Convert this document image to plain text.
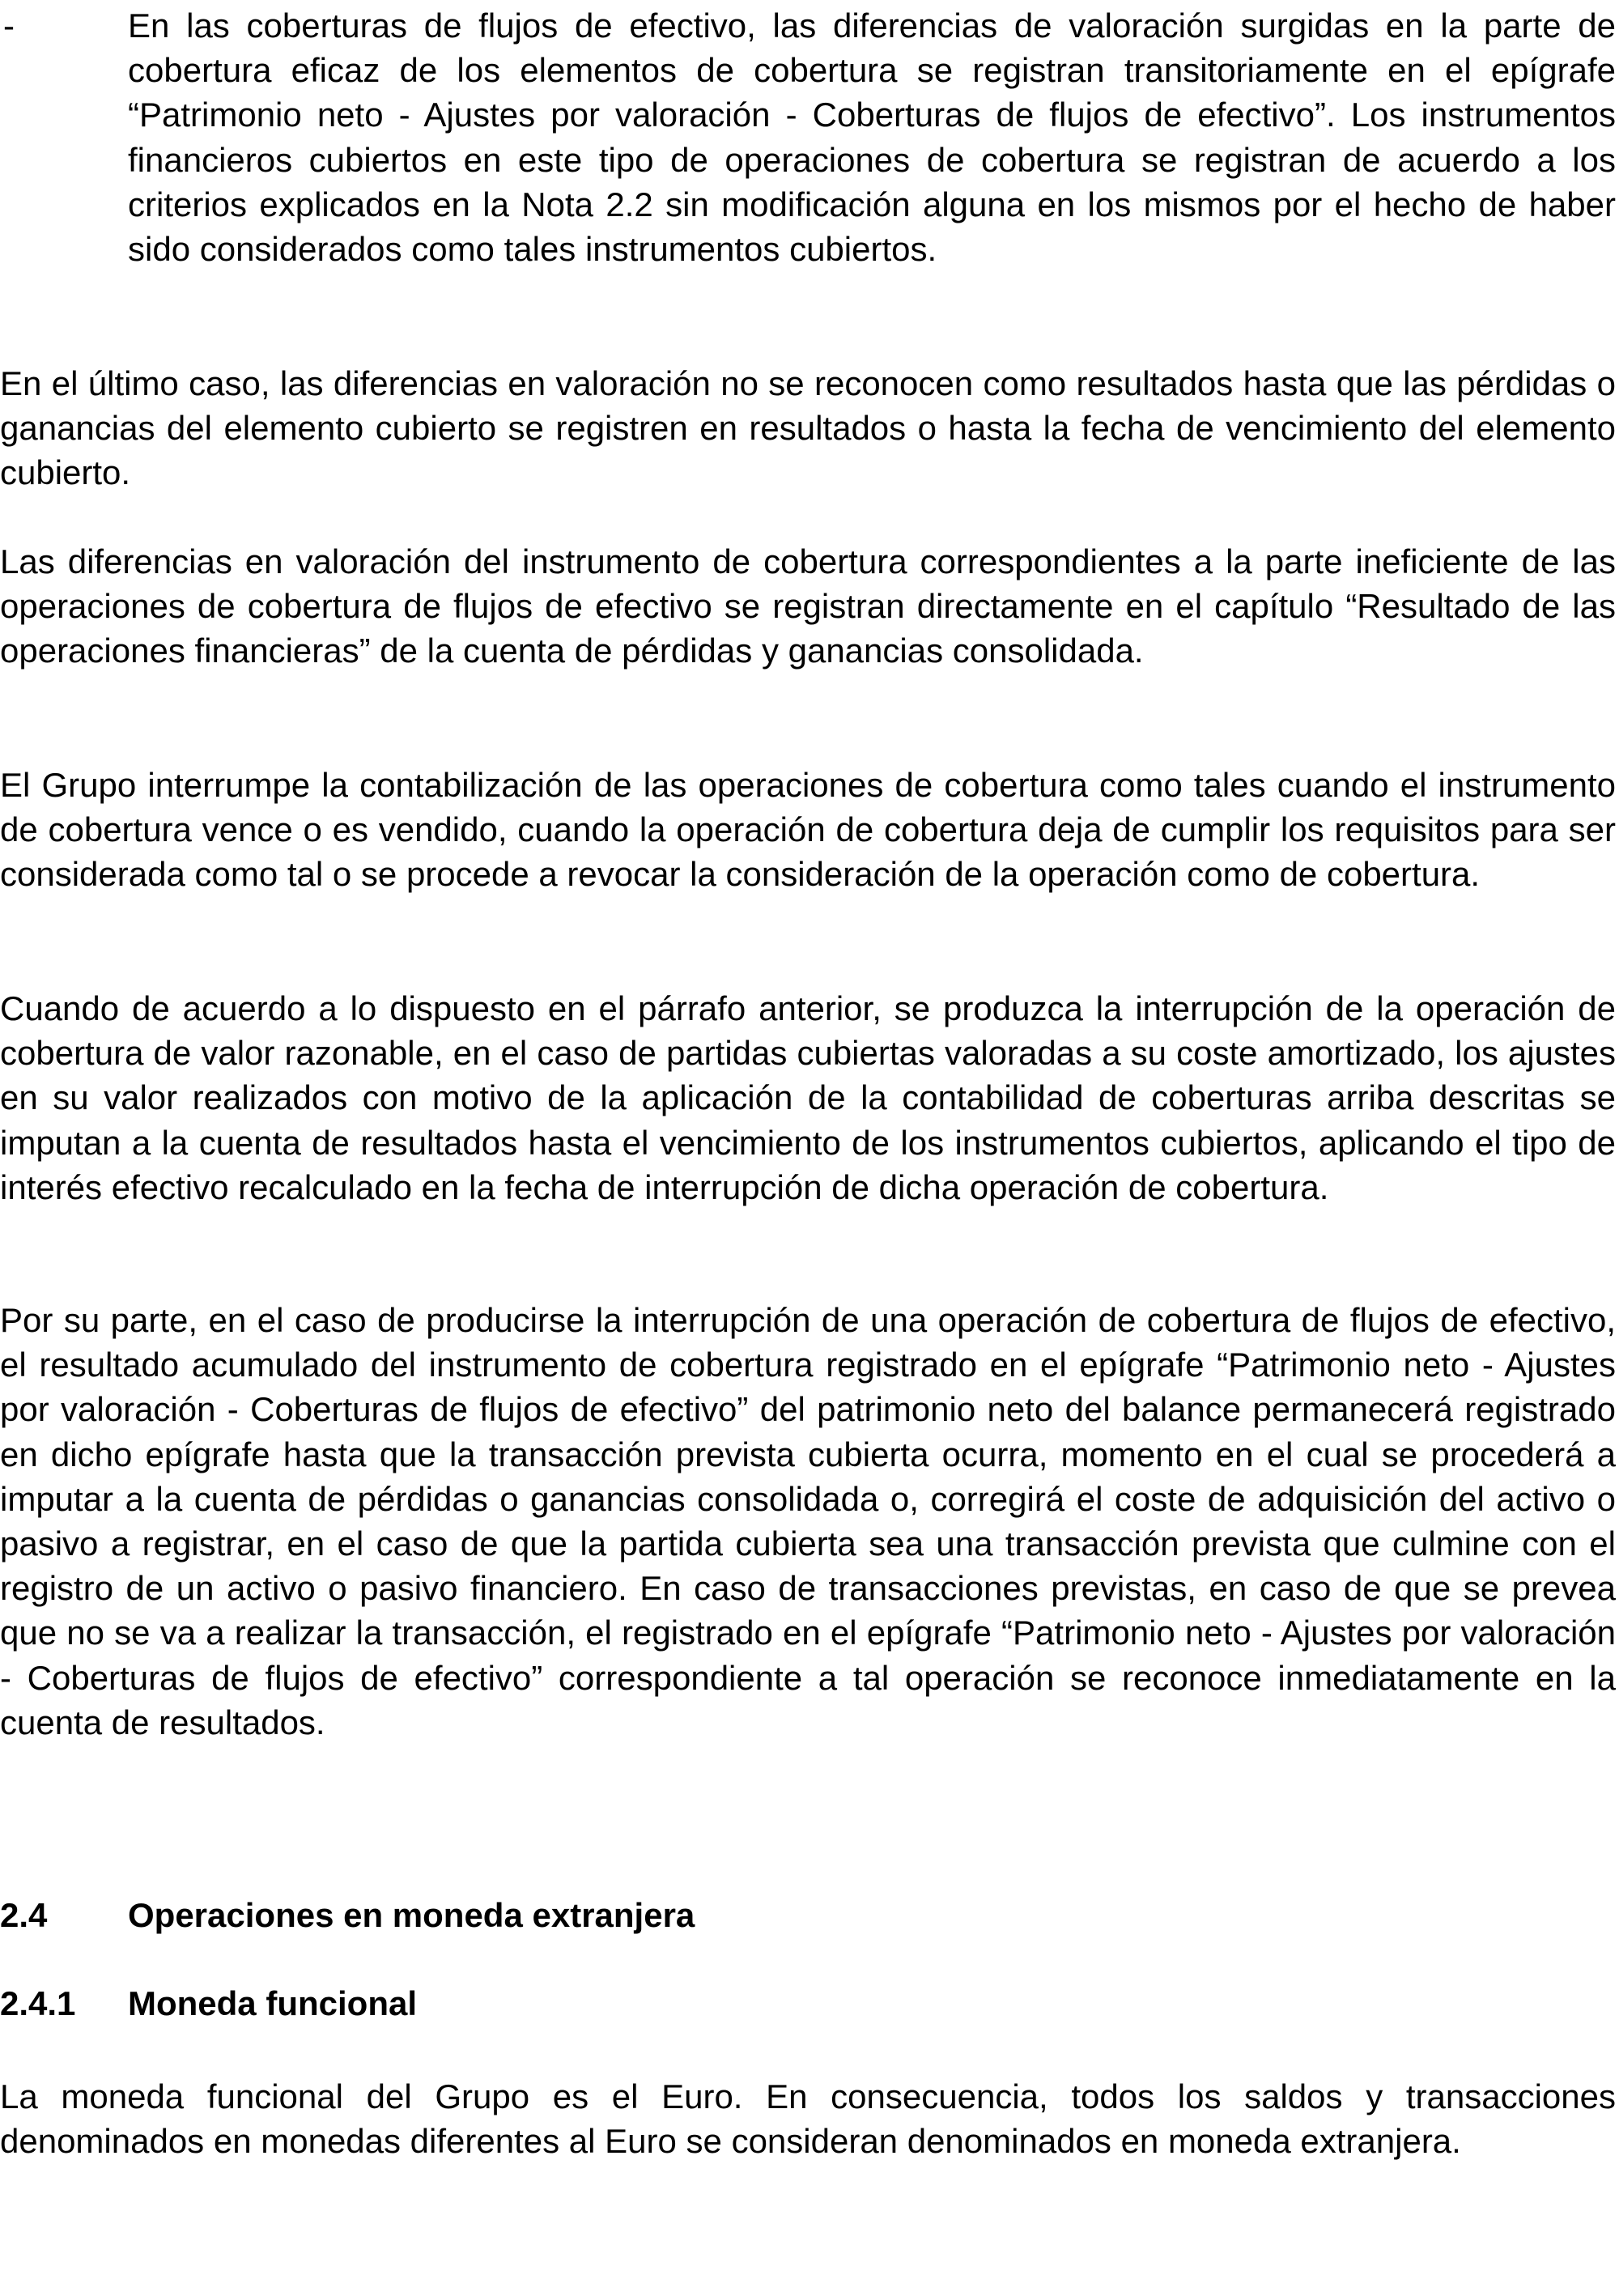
-	En las coberturas de flujos de efectivo, las diferencias de valoración surgidas en la parte de cobertura eficaz de los elementos de cobertura se registran transitoriamente en el epígrafe “Patrimonio neto - Ajustes por valoración - Coberturas de flujos de efectivo”. Los instrumentos financieros cubiertos en este tipo de operaciones de cobertura se registran de acuerdo a los criterios explicados en la Nota 2.2 sin modificación alguna en los mismos por el hecho de haber sido considerados como tales instrumentos cubiertos.

En el último caso, las diferencias en valoración no se reconocen como resultados hasta que las pérdidas o ganancias del elemento cubierto se registren en resultados o hasta la fecha de vencimiento del elemento cubierto.

Las diferencias en valoración del instrumento de cobertura correspondientes a la parte ineficiente de las operaciones de cobertura de flujos de efectivo se registran directamente en el capítulo “Resultado de las operaciones financieras” de la cuenta de pérdidas y ganancias consolidada.

El Grupo interrumpe la contabilización de las operaciones de cobertura como tales cuando el instrumento de cobertura vence o es vendido, cuando la operación de cobertura deja de cumplir los requisitos para ser considerada como tal o se procede a revocar la consideración de la operación como de cobertura.

Cuando de acuerdo a lo dispuesto en el párrafo anterior, se produzca la interrupción de la operación de cobertura de valor razonable, en el caso de partidas cubiertas valoradas a su coste amortizado, los ajustes en su valor realizados con motivo de la aplicación de la contabilidad de coberturas arriba descritas se imputan a la cuenta de resultados hasta el vencimiento de los instrumentos cubiertos, aplicando el tipo de interés efectivo recalculado en la fecha de interrupción de dicha operación de cobertura.

Por su parte, en el caso de producirse la interrupción de una operación de cobertura de flujos de efectivo, el resultado acumulado del instrumento de cobertura registrado en el epígrafe “Patrimonio neto - Ajustes por valoración - Coberturas de flujos de efectivo” del patrimonio neto del balance permanecerá registrado en dicho epígrafe hasta que la transacción prevista cubierta ocurra, momento en el cual se procederá a imputar a la cuenta de pérdidas o ganancias consolidada o, corregirá el coste de adquisición del activo o pasivo a registrar, en el caso de que la partida cubierta sea una transacción prevista que culmine con el registro de un activo o pasivo financiero. En caso de transacciones previstas, en caso de que se prevea que no se va a realizar la transacción, el registrado en el epígrafe “Patrimonio neto - Ajustes por valoración - Coberturas de flujos de efectivo” correspondiente a tal operación se reconoce inmediatamente en la cuenta de resultados.

2.4 Operaciones en moneda extranjera
2.4.1 Moneda funcional

La moneda funcional del Grupo es el Euro. En consecuencia, todos los saldos y transacciones denominados en monedas diferentes al Euro se consideran denominados en moneda extranjera.
